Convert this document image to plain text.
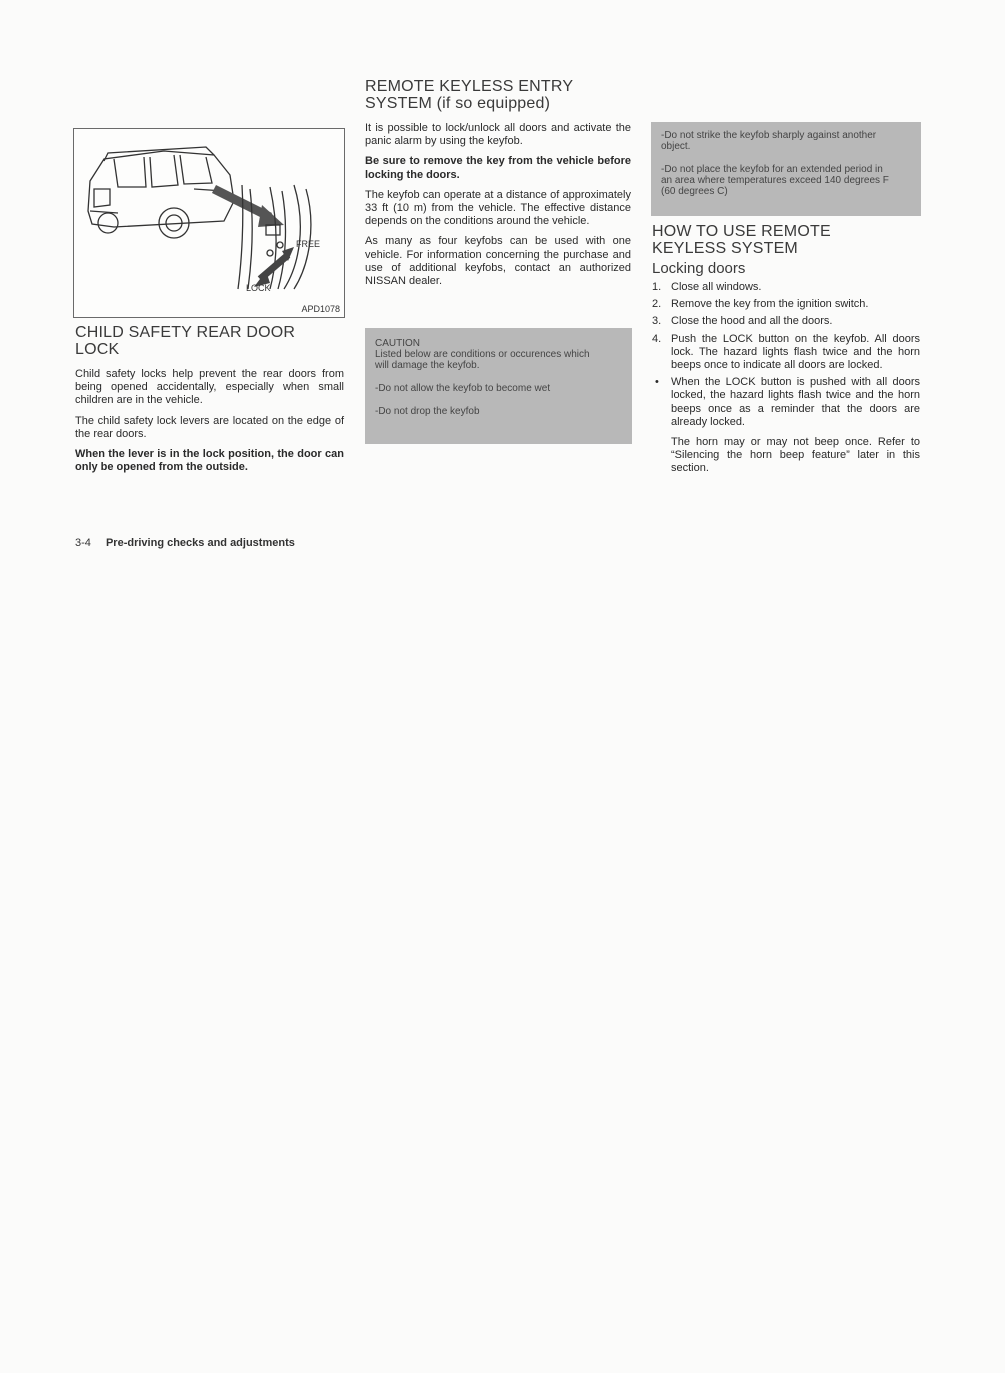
FREE
LOCK
APD1078
CHILD SAFETY REAR DOOR LOCK

Child safety locks help prevent the rear doors from being opened accidentally, especially when small children are in the vehicle.

The child safety lock levers are located on the edge of the rear doors.

When the lever is in the lock position, the door can only be opened from the outside.

REMOTE KEYLESS ENTRY SYSTEM (if so equipped)

It is possible to lock/unlock all doors and activate the panic alarm by using the keyfob.

Be sure to remove the key from the vehicle before locking the doors.

The keyfob can operate at a distance of approximately 33 ft (10 m) from the vehicle. The effective distance depends on the conditions around the vehicle.

As many as four keyfobs can be used with one vehicle. For information concerning the purchase and use of additional keyfobs, contact an authorized NISSAN dealer.

CAUTION
Listed below are conditions or occurences which will damage the keyfob.
-Do not allow the keyfob to become wet
-Do not drop the keyfob
-Do not strike the keyfob sharply against another object.
-Do not place the keyfob for an extended period in an area where temperatures exceed 140 degrees F (60 degrees C)
HOW TO USE REMOTE KEYLESS SYSTEM
Locking doors
1. Close all windows.
2. Remove the key from the ignition switch.
3. Close the hood and all the doors.
4. Push the LOCK button on the keyfob. All doors lock. The hazard lights flash twice and the horn beeps once to indicate all doors are locked.
• When the LOCK button is pushed with all doors locked, the hazard lights flash twice and the horn beeps once as a reminder that the doors are already locked.

The horn may or may not beep once. Refer to “Silencing the horn beep feature” later in this section.

3-4 Pre-driving checks and adjustments
